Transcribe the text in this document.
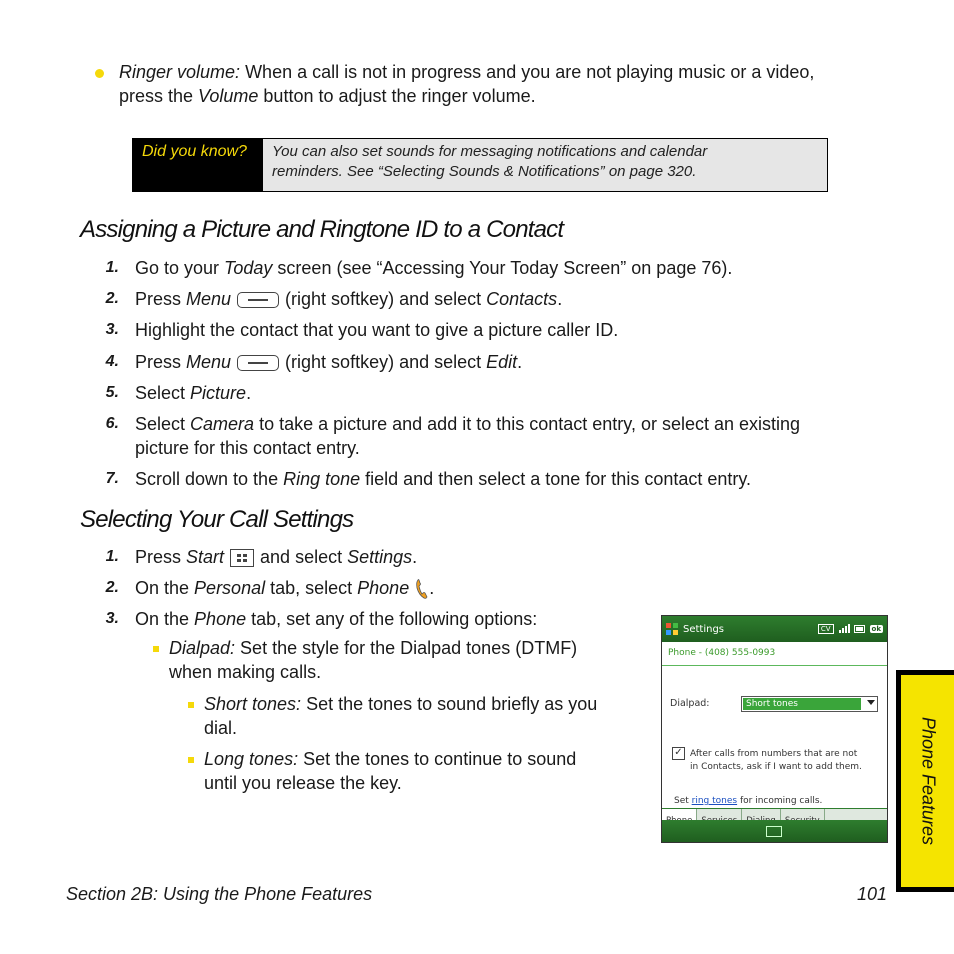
Ringer volume: When a call is not in progress and you are not playing music or a video,
press the Volume button to adjust the ringer volume.
Did you know?	You can also set sounds for messaging notifications and calendar
reminders. See “Selecting Sounds & Notifications” on page 320.
Assigning a Picture and Ringtone ID to a Contact
1. Go to your Today screen (see “Accessing Your Today Screen” on page 76).
2. Press Menu	(right softkey) and select Contacts.
3. Highlight the contact that you want to give a picture caller ID.
4. Press Menu	(right softkey) and select Edit.
5. Select Picture.
6. Select Camera to take a picture and add it to this contact entry, or select an existing
picture for this contact entry.
7. Scroll down to the Ring tone field and then select a tone for this contact entry.
Selecting Your Call Settings
1. Press Start and select Settings.
2. On the Personal tab, select Phone .
3. On the Phone tab, set any of the following options:
Dialpad: Set the style for the Dialpad tones (DTMF)
when making calls.
Short tones: Set the tones to sound briefly as you
dial.
Long tones: Set the tones to continue to sound
until you release the key.
Settings	CV	ok
Phone - (408) 555-0993
Dialpad:	Short tones
✓ After calls from numbers that are not
in Contacts, ask if I want to add them.
Set ring tones for incoming calls.	Phone Features
Section 2B: Using the Phone Features	101
